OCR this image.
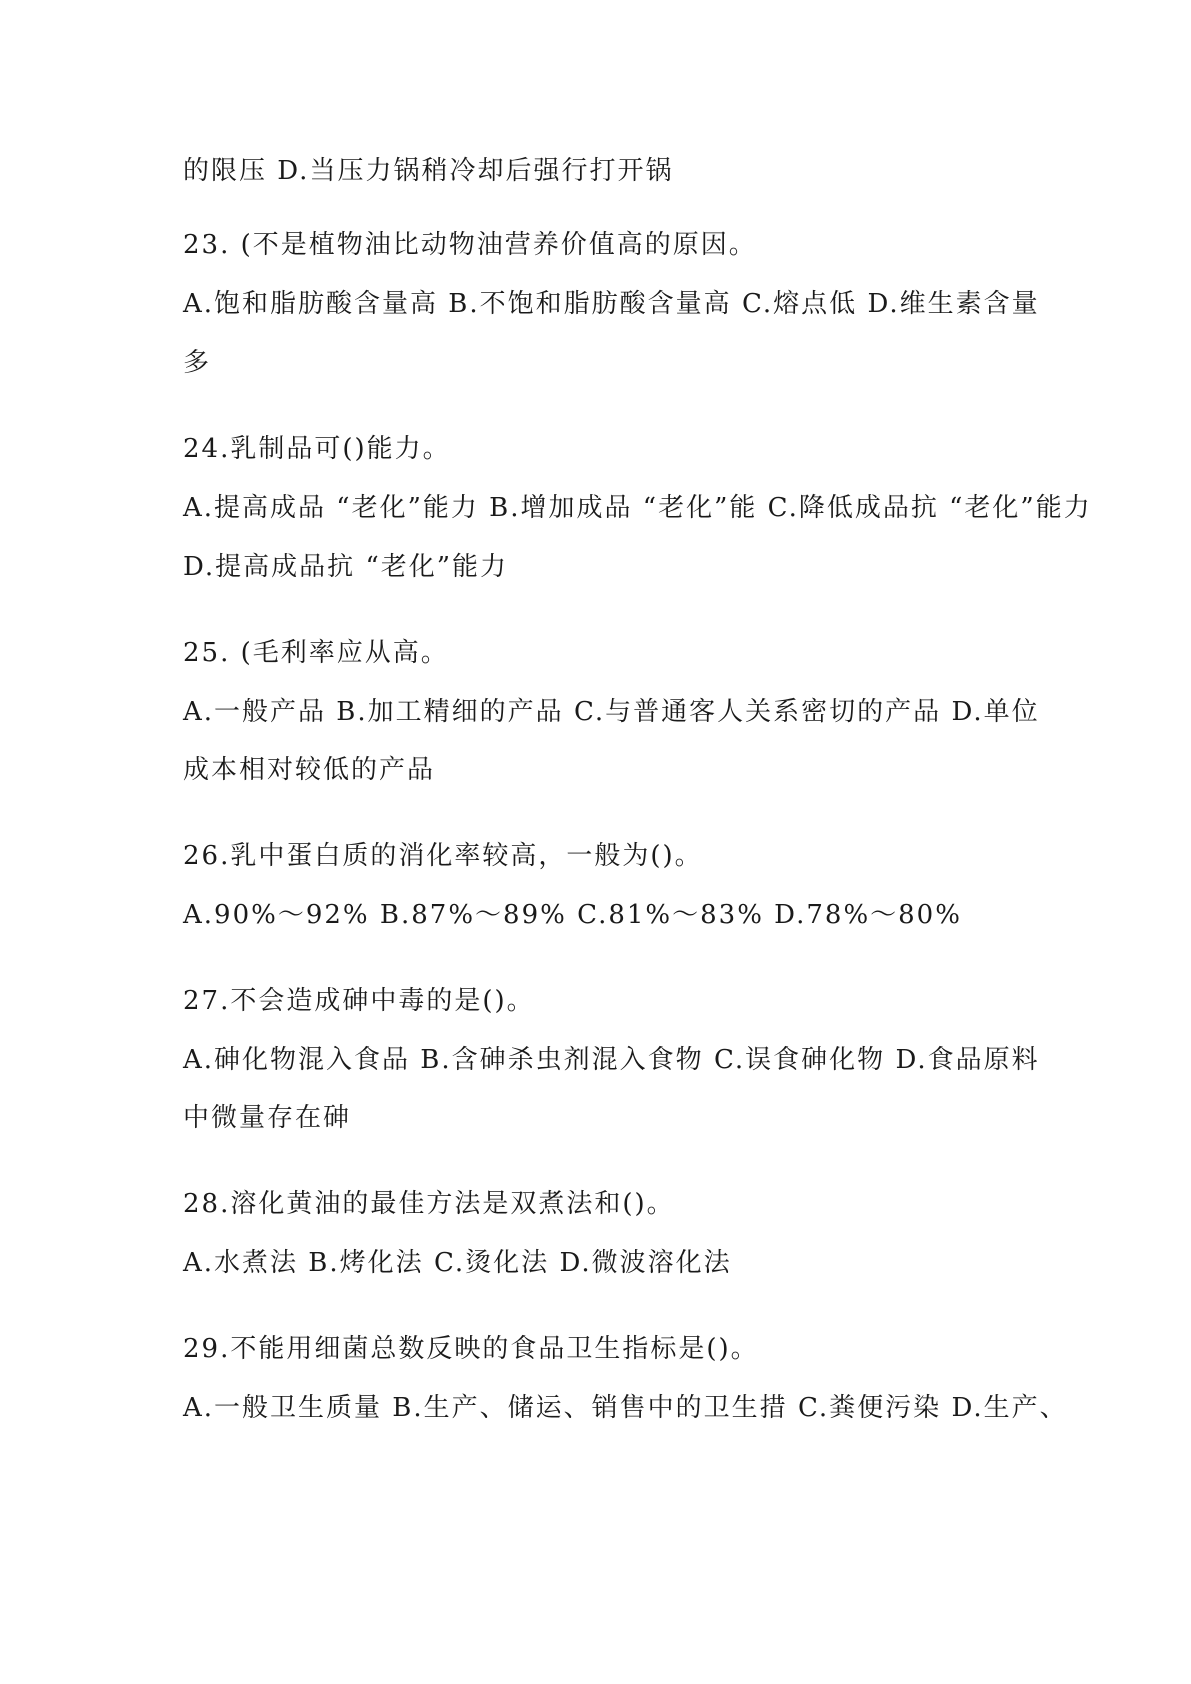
的限压 D.当压力锅稍冷却后强行打开锅
23. (不是植物油比动物油营养价值高的原因。
A.饱和脂肪酸含量高 B.不饱和脂肪酸含量高 C.熔点低 D.维生素含量
多
24.乳制品可()能力。
A.提高成品 “老化”能力 B.增加成品 “老化”能 C.降低成品抗 “老化”能力
D.提高成品抗 “老化”能力
25. (毛利率应从高。
A.一般产品 B.加工精细的产品 C.与普通客人关系密切的产品 D.单位
成本相对较低的产品
26.乳中蛋白质的消化率较高，一般为()。
A.90%～92% B.87%～89% C.81%～83% D.78%～80%
27.不会造成砷中毒的是()。
A.砷化物混入食品 B.含砷杀虫剂混入食物 C.误食砷化物 D.食品原料
中微量存在砷
28.溶化黄油的最佳方法是双煮法和()。
A.水煮法 B.烤化法 C.烫化法 D.微波溶化法
29.不能用细菌总数反映的食品卫生指标是()。
A.一般卫生质量 B.生产、储运、销售中的卫生措 C.粪便污染 D.生产、
